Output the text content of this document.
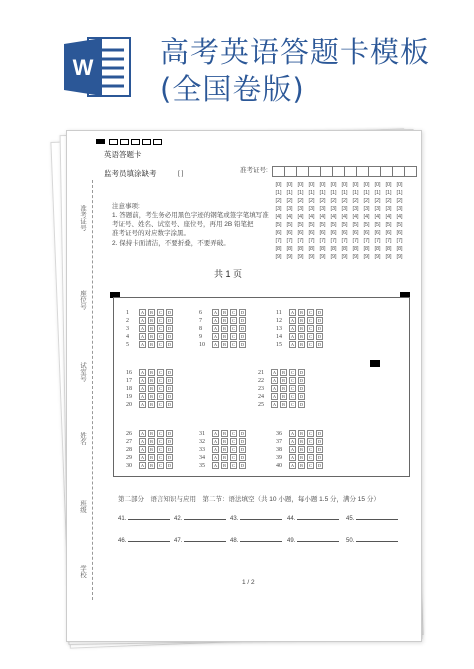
W 高考英语答题卡模板(全国卷版)
英语答题卡
监考员填涂缺考	[ ]	准考证号:
[0] [0] [0] [0] [0] [0] [0] [0] [0] [0] [0] [0]
[1] [1] [1] [1] [1] [1] [1] [1] [1] [1] [1] [1]
[2] [2] [2] [2] [2] [2] [2] [2] [2] [2] [2] [2]
[3] [3] [3] [3] [3] [3] [3] [3] [3] [3] [3] [3]
[4] [4] [4] [4] [4] [4] [4] [4] [4] [4] [4] [4]
[5] [5] [5] [5] [5] [5] [5] [5] [5] [5] [5] [5]
[6] [6] [6] [6] [6] [6] [6] [6] [6] [6] [6] [6]
[7] [7] [7] [7] [7] [7] [7] [7] [7] [7] [7] [7]
[8] [8] [8] [8] [8] [8] [8] [8] [8] [8] [8] [8]
[9] [9] [9] [9] [9] [9] [9] [9] [9] [9] [9] [9]
注意事项:
1. 答题前，考生务必用黑色字迹的钢笔或签字笔填写准
考证号、姓名、试室号、座位号，再用 2B 铅笔把
准考证号的对应数字涂黑。
2. 保持卡面清洁，不要折叠，不要弄破。
共 1 页
准考证号
座位号
试室号
姓名
班级
学校
1	A B C D
2	A B C D
3	A B C D
4	A B C D
5	A B C D
6	A B C D
7	A B C D
8	A B C D
9	A B C D
10 A B C D
11 A B C D
12 A B C D
13 A B C D
14 A B C D
15 A B C D
16 A B C D
17 A B C D
18 A B C D
19 A B C D
20 A B C D
21 A B C D
22 A B C D
23 A B C D
24 A B C D
25 A B C D
26 A B C D
27 A B C D
28 A B C D
29 A B C D
30 A B C D
31 A B C D
32 A B C D
33 A B C D
34 A B C D
35 A B C D
36 A B C D
37 A B C D
38 A B C D
39 A B C D
40 A B C D
第二部分　语言知识与应用　第二节：语法填空（共 10 小题，每小题 1.5 分，满分 15 分）
41.	42.	43.	44.	45.
46.	47.	48.	49.	50.
1 / 2
